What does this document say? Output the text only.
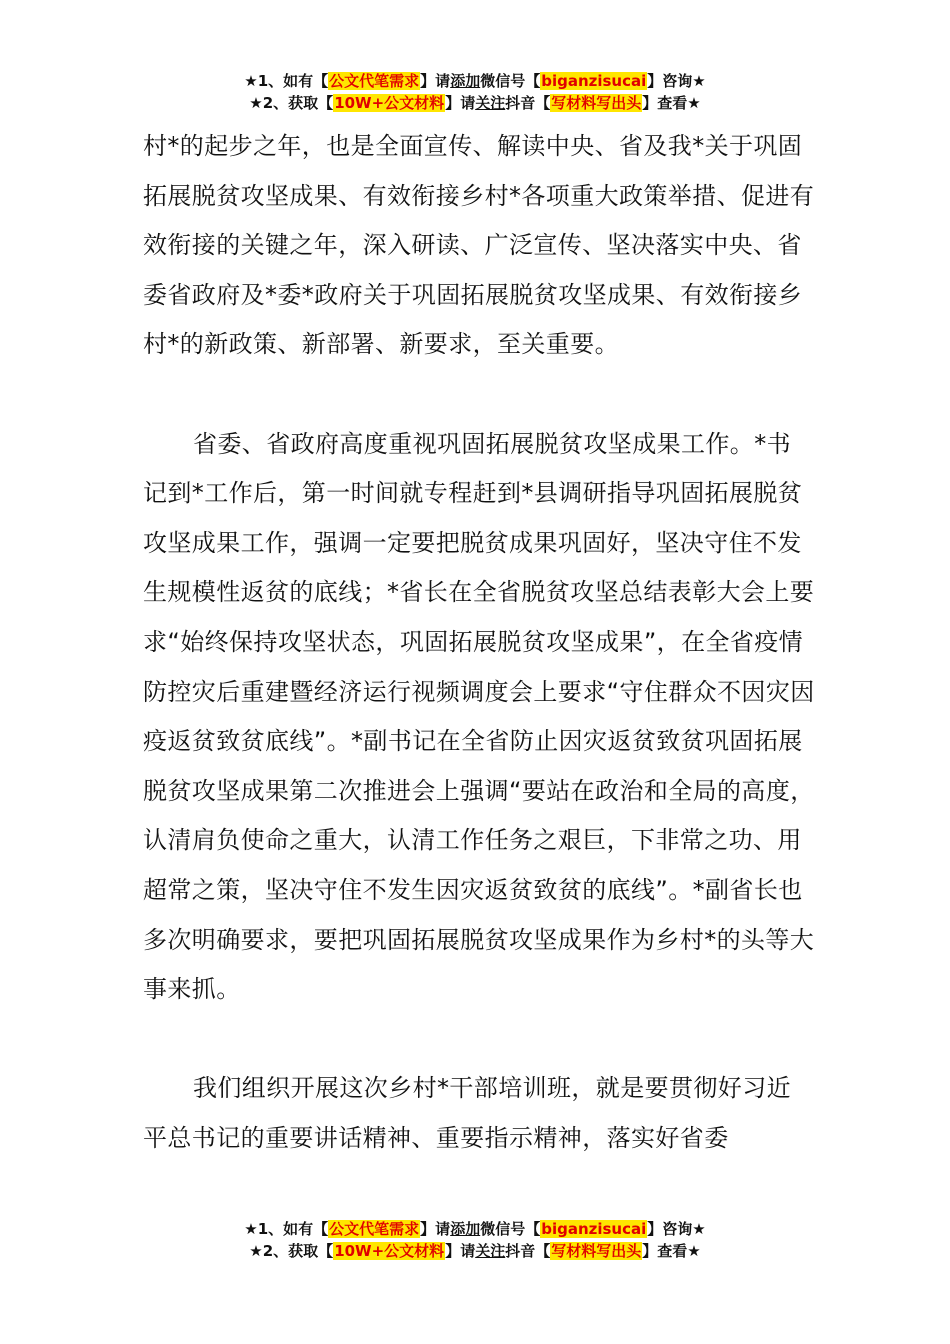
★1、如有【公文代笔需求】请添加微信号【biganzisucai】咨询★
★2、获取【10W+公文材料】请关注抖音【写材料写出头】查看★

村*的起步之年，也是全面宣传、解读中央、省及我*关于巩固拓展脱贫攻坚成果、有效衔接乡村*各项重大政策举措、促进有效衔接的关键之年，深入研读、广泛宣传、坚决落实中央、省委省政府及*委*政府关于巩固拓展脱贫攻坚成果、有效衔接乡村*的新政策、新部署、新要求，至关重要。

省委、省政府高度重视巩固拓展脱贫攻坚成果工作。*书记到*工作后，第一时间就专程赶到*县调研指导巩固拓展脱贫攻坚成果工作，强调一定要把脱贫成果巩固好，坚决守住不发生规模性返贫的底线；*省长在全省脱贫攻坚总结表彰大会上要求“始终保持攻坚状态，巩固拓展脱贫攻坚成果”，在全省疫情防控灾后重建暨经济运行视频调度会上要求“守住群众不因灾因疫返贫致贫底线”。*副书记在全省防止因灾返贫致贫巩固拓展脱贫攻坚成果第二次推进会上强调“要站在政治和全局的高度，认清肩负使命之重大，认清工作任务之艰巨，下非常之功、用超常之策，坚决守住不发生因灾返贫致贫的底线”。*副省长也多次明确要求，要把巩固拓展脱贫攻坚成果作为乡村*的头等大事来抓。

我们组织开展这次乡村*干部培训班，就是要贯彻好习近平总书记的重要讲话精神、重要指示精神，落实好省委

★1、如有【公文代笔需求】请添加微信号【biganzisucai】咨询★
★2、获取【10W+公文材料】请关注抖音【写材料写出头】查看★
